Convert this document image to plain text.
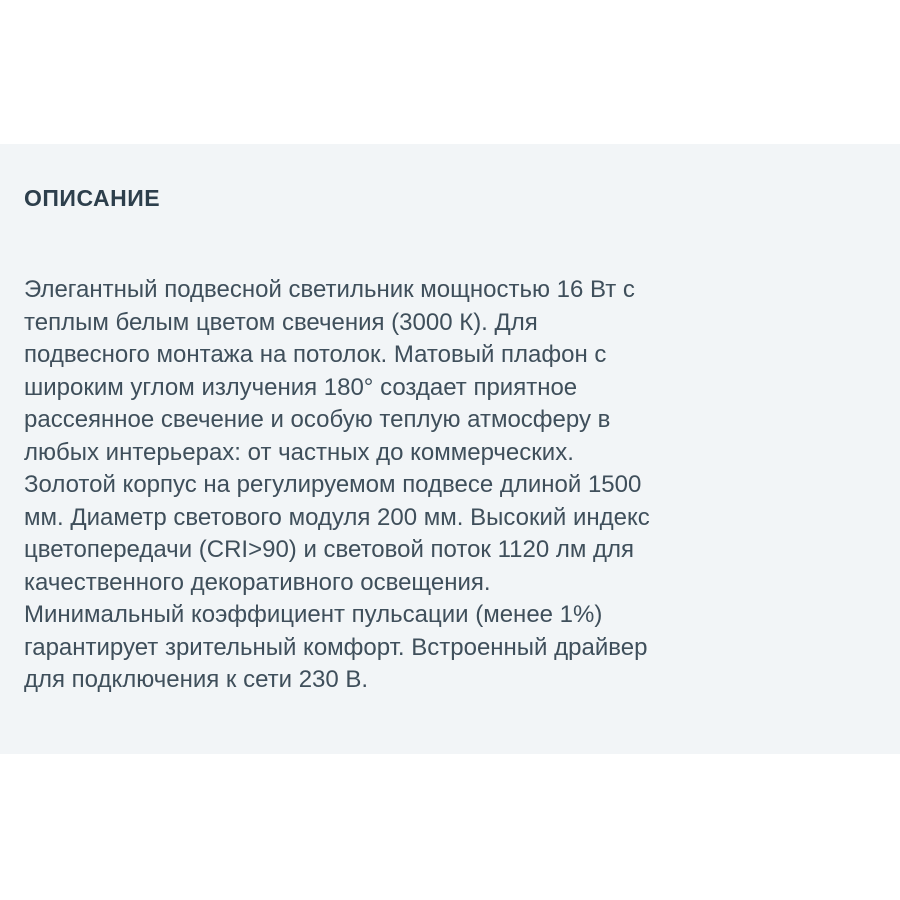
ОПИСАНИЕ
Элегантный подвесной светильник мощностью 16 Вт с
теплым белым цветом свечения (3000 К). Для
подвесного монтажа на потолок. Матовый плафон с
широким углом излучения 180° создает приятное
рассеянное свечение и особую теплую атмосферу в
любых интерьерах: от частных до коммерческих.
Золотой корпус на регулируемом подвесе длиной 1500
мм. Диаметр светового модуля 200 мм. Высокий индекс
цветопередачи (CRI>90) и световой поток 1120 лм для
качественного декоративного освещения.
Минимальный коэффициент пульсации (менее 1%)
гарантирует зрительный комфорт. Встроенный драйвер
для подключения к сети 230 В.
